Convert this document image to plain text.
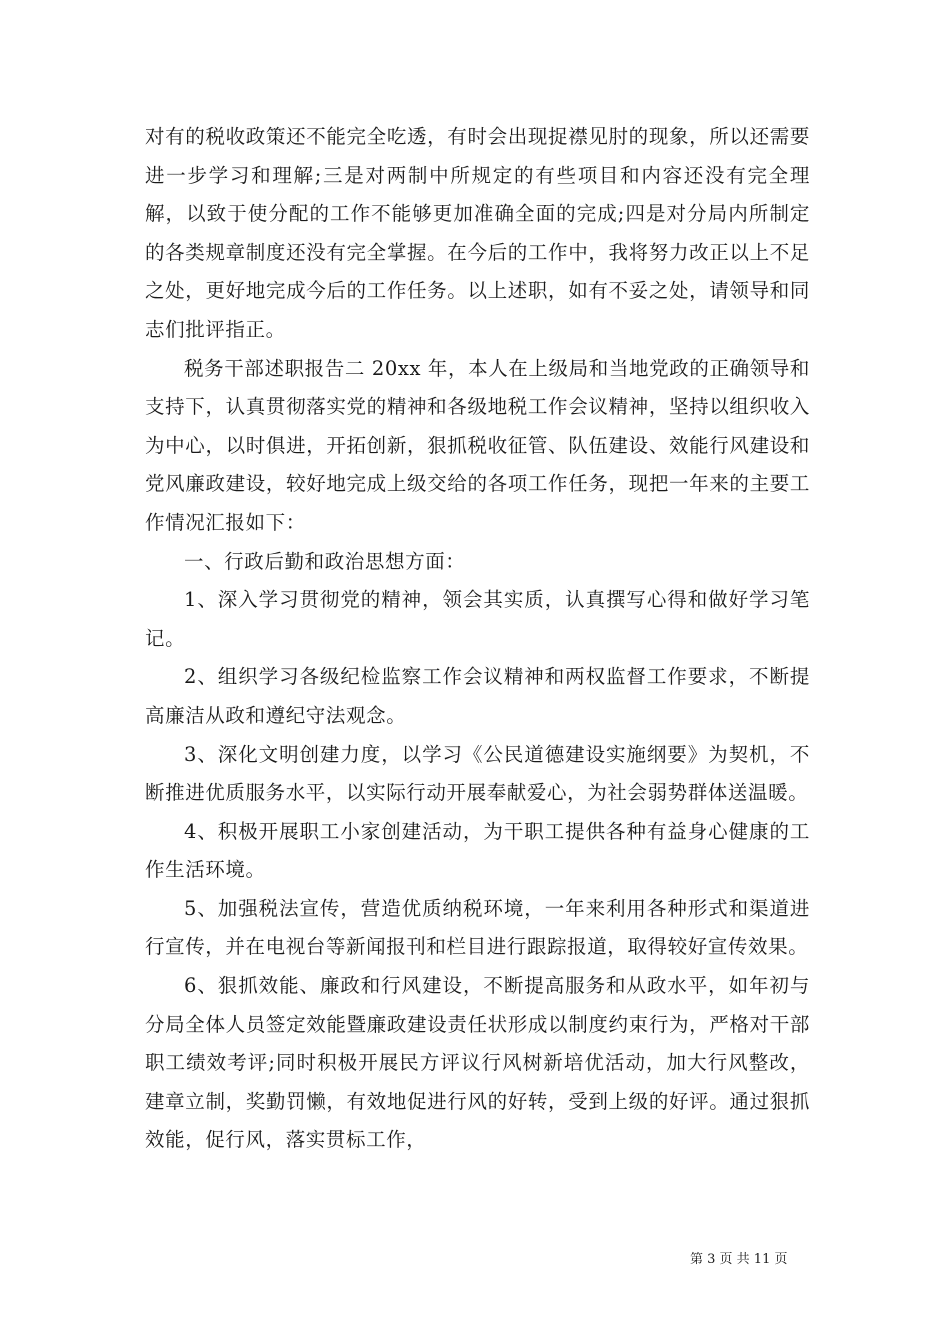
对有的税收政策还不能完全吃透，有时会出现捉襟见肘的现象，所以还需要进一步学习和理解;三是对两制中所规定的有些项目和内容还没有完全理解，以致于使分配的工作不能够更加准确全面的完成;四是对分局内所制定的各类规章制度还没有完全掌握。在今后的工作中，我将努力改正以上不足之处，更好地完成今后的工作任务。以上述职，如有不妥之处，请领导和同志们批评指正。

税务干部述职报告二 20xx 年，本人在上级局和当地党政的正确领导和支持下，认真贯彻落实党的精神和各级地税工作会议精神，坚持以组织收入为中心，以时俱进，开拓创新，狠抓税收征管、队伍建设、效能行风建设和党风廉政建设，较好地完成上级交给的各项工作任务，现把一年来的主要工作情况汇报如下：

一、行政后勤和政治思想方面：

1、深入学习贯彻党的精神，领会其实质，认真撰写心得和做好学习笔记。

2、组织学习各级纪检监察工作会议精神和两权监督工作要求，不断提高廉洁从政和遵纪守法观念。

3、深化文明创建力度，以学习《公民道德建设实施纲要》为契机，不断推进优质服务水平，以实际行动开展奉献爱心，为社会弱势群体送温暖。

4、积极开展职工小家创建活动，为干职工提供各种有益身心健康的工作生活环境。

5、加强税法宣传，营造优质纳税环境，一年来利用各种形式和渠道进行宣传，并在电视台等新闻报刊和栏目进行跟踪报道，取得较好宣传效果。

6、狠抓效能、廉政和行风建设，不断提高服务和从政水平，如年初与分局全体人员签定效能暨廉政建设责任状形成以制度约束行为，严格对干部职工绩效考评;同时积极开展民方评议行风树新培优活动，加大行风整改，建章立制，奖勤罚懒，有效地促进行风的好转，受到上级的好评。通过狠抓效能，促行风，落实贯标工作，

第 3 页 共 11 页
